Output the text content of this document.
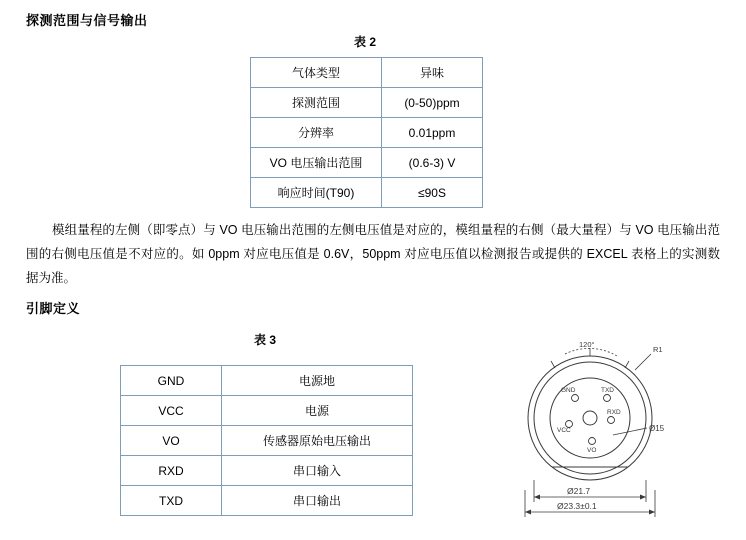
探测范围与信号输出
表 2
气体类型	异味
探测范围	(0-50)ppm
分辨率	0.01ppm
VO 电压输出范围	(0.6-3) V
响应时间(T90)	≤90S
模组量程的左侧（即零点）与 VO 电压输出范围的左侧电压值是对应的，模组量程的右侧（最大量程）与 VO 电压输出范围的右侧电压值是不对应的。如 0ppm 对应电压值是 0.6V，50ppm 对应电压值以检测报告或提供的 EXCEL 表格上的实测数据为准。
引脚定义
表 3
GND	电源地
VCC	电源
VO	传感器原始电压输出
RXD	串口输入
TXD	串口输出
GND	TXD
RXD
VCC
VO
120°
R1
Ø15
Ø21.7
Ø23.3±0.1
